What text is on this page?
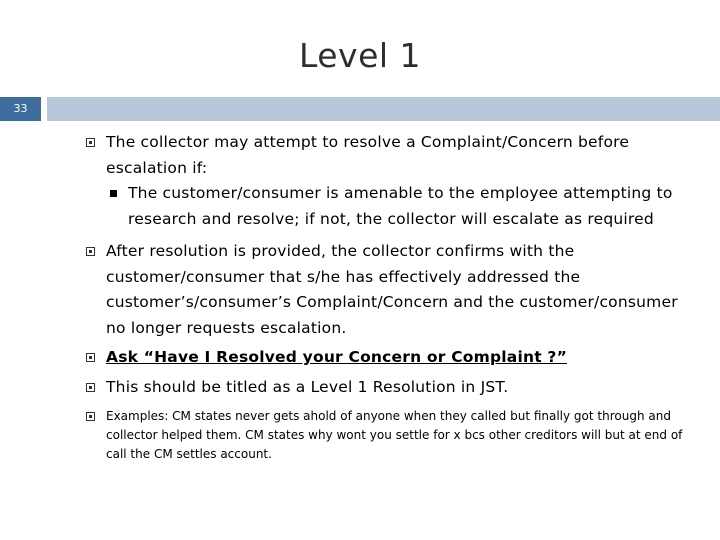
Level 1
33
The collector may attempt to resolve a Complaint/Concern before escalation if:
The customer/consumer is amenable to the employee attempting to research and resolve; if not, the collector will escalate as required
After resolution is provided, the collector confirms with the customer/consumer that s/he has effectively addressed the customer’s/consumer’s Complaint/Concern and the customer/consumer no longer requests escalation.
Ask “Have I Resolved your Concern or Complaint ?”
This should be titled as a Level 1 Resolution in JST.
Examples: CM states never gets ahold of anyone when they called but finally got through and collector helped them. CM states why wont you settle for x bcs other creditors will but at end of call the CM settles account.
